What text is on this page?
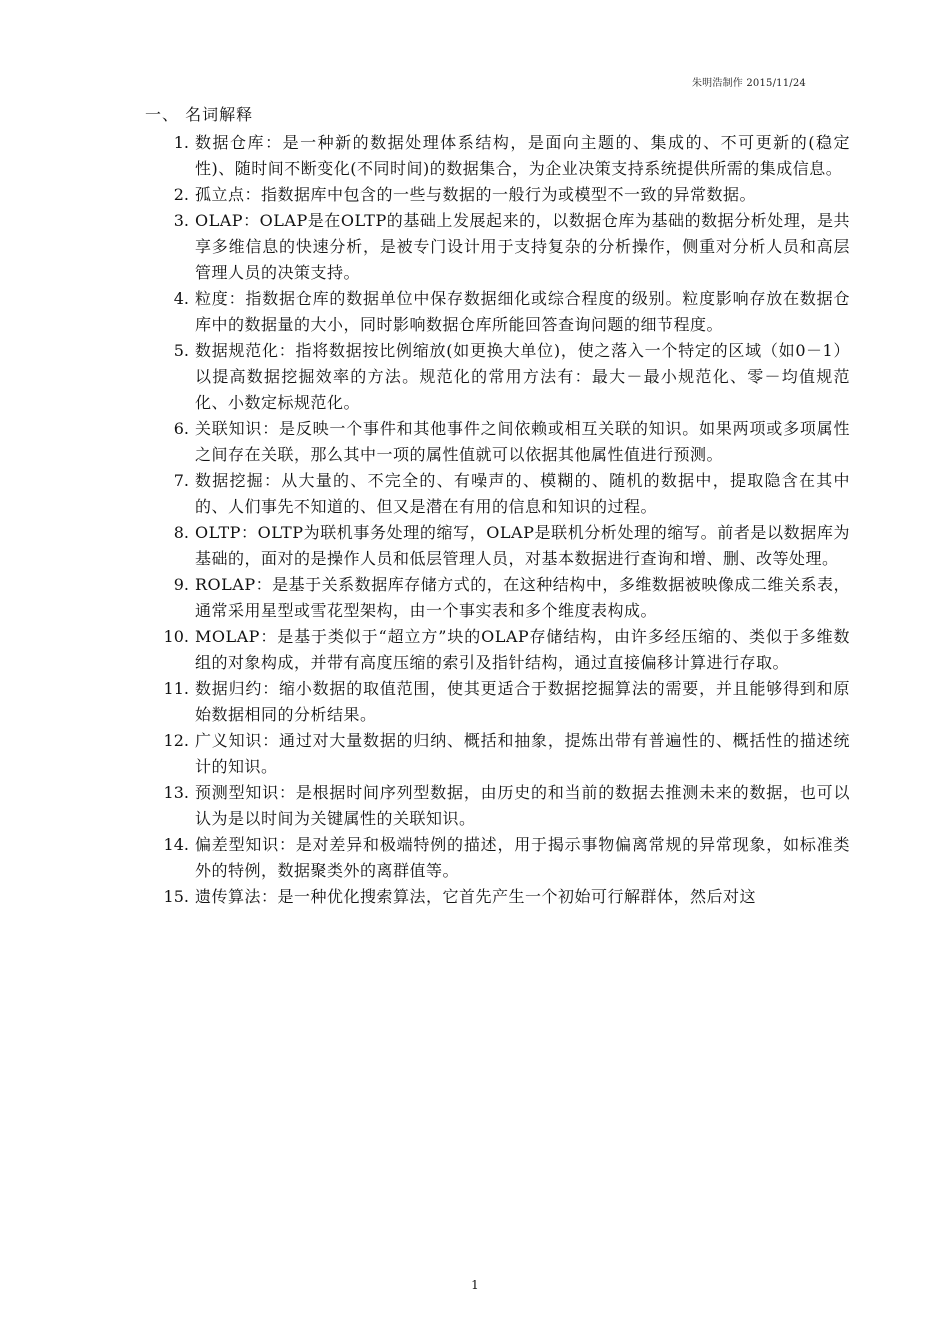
朱明浩制作 2015/11/24
一、 名词解释
1. 数据仓库：是一种新的数据处理体系结构，是面向主题的、集成的、不可更新的(稳定性)、随时间不断变化(不同时间)的数据集合，为企业决策支持系统提供所需的集成信息。
2. 孤立点：指数据库中包含的一些与数据的一般行为或模型不一致的异常数据。
3. OLAP：OLAP是在OLTP的基础上发展起来的，以数据仓库为基础的数据分析处理，是共享多维信息的快速分析，是被专门设计用于支持复杂的分析操作，侧重对分析人员和高层管理人员的决策支持。
4. 粒度：指数据仓库的数据单位中保存数据细化或综合程度的级别。粒度影响存放在数据仓库中的数据量的大小，同时影响数据仓库所能回答查询问题的细节程度。
5. 数据规范化：指将数据按比例缩放(如更换大单位)，使之落入一个特定的区域（如0－1）以提高数据挖掘效率的方法。规范化的常用方法有：最大－最小规范化、零－均值规范化、小数定标规范化。
6. 关联知识：是反映一个事件和其他事件之间依赖或相互关联的知识。如果两项或多项属性之间存在关联，那么其中一项的属性值就可以依据其他属性值进行预测。
7. 数据挖掘：从大量的、不完全的、有噪声的、模糊的、随机的数据中，提取隐含在其中的、人们事先不知道的、但又是潜在有用的信息和知识的过程。
8. OLTP：OLTP为联机事务处理的缩写，OLAP是联机分析处理的缩写。前者是以数据库为基础的，面对的是操作人员和低层管理人员，对基本数据进行查询和增、删、改等处理。
9. ROLAP：是基于关系数据库存储方式的，在这种结构中，多维数据被映像成二维关系表，通常采用星型或雪花型架构，由一个事实表和多个维度表构成。
10. MOLAP：是基于类似于“超立方”块的OLAP存储结构，由许多经压缩的、类似于多维数组的对象构成，并带有高度压缩的索引及指针结构，通过直接偏移计算进行存取。
11. 数据归约：缩小数据的取值范围，使其更适合于数据挖掘算法的需要，并且能够得到和原始数据相同的分析结果。
12. 广义知识：通过对大量数据的归纳、概括和抽象，提炼出带有普遍性的、概括性的描述统计的知识。
13. 预测型知识：是根据时间序列型数据，由历史的和当前的数据去推测未来的数据，也可以认为是以时间为关键属性的关联知识。
14. 偏差型知识：是对差异和极端特例的描述，用于揭示事物偏离常规的异常现象，如标准类外的特例，数据聚类外的离群值等。
15. 遗传算法：是一种优化搜索算法，它首先产生一个初始可行解群体，然后对这
1
